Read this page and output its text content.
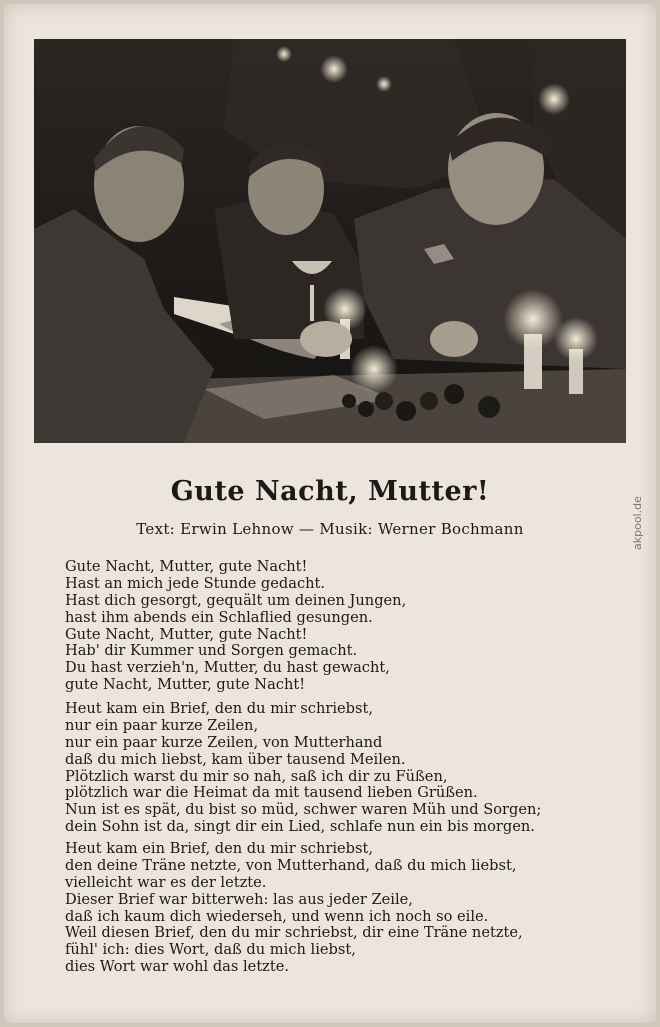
Gute Nacht, Mutter!
Text: Erwin Lehnow — Musik: Werner Bochmann
Gute Nacht, Mutter, gute Nacht!
Hast an mich jede Stunde gedacht.
Hast dich gesorgt, gequält um deinen Jungen,
hast ihm abends ein Schlaflied gesungen.
Gute Nacht, Mutter, gute Nacht!
Hab' dir Kummer und Sorgen gemacht.
Du hast verzieh'n, Mutter, du hast gewacht,
gute Nacht, Mutter, gute Nacht!
Heut kam ein Brief, den du mir schriebst,
nur ein paar kurze Zeilen,
nur ein paar kurze Zeilen, von Mutterhand
daß du mich liebst, kam über tausend Meilen.
Plötzlich warst du mir so nah, saß ich dir zu Füßen,
plötzlich war die Heimat da mit tausend lieben Grüßen.
Nun ist es spät, du bist so müd, schwer waren Müh und Sorgen;
dein Sohn ist da, singt dir ein Lied, schlafe nun ein bis morgen.
Heut kam ein Brief, den du mir schriebst,
den deine Träne netzte, von Mutterhand, daß du mich liebst,
vielleicht war es der letzte.
Dieser Brief war bitterweh: las aus jeder Zeile,
daß ich kaum dich wiederseh, und wenn ich noch so eile.
Weil diesen Brief, den du mir schriebst, dir eine Träne netzte,
fühl' ich: dies Wort, daß du mich liebst,
dies Wort war wohl das letzte.
akpool.de
